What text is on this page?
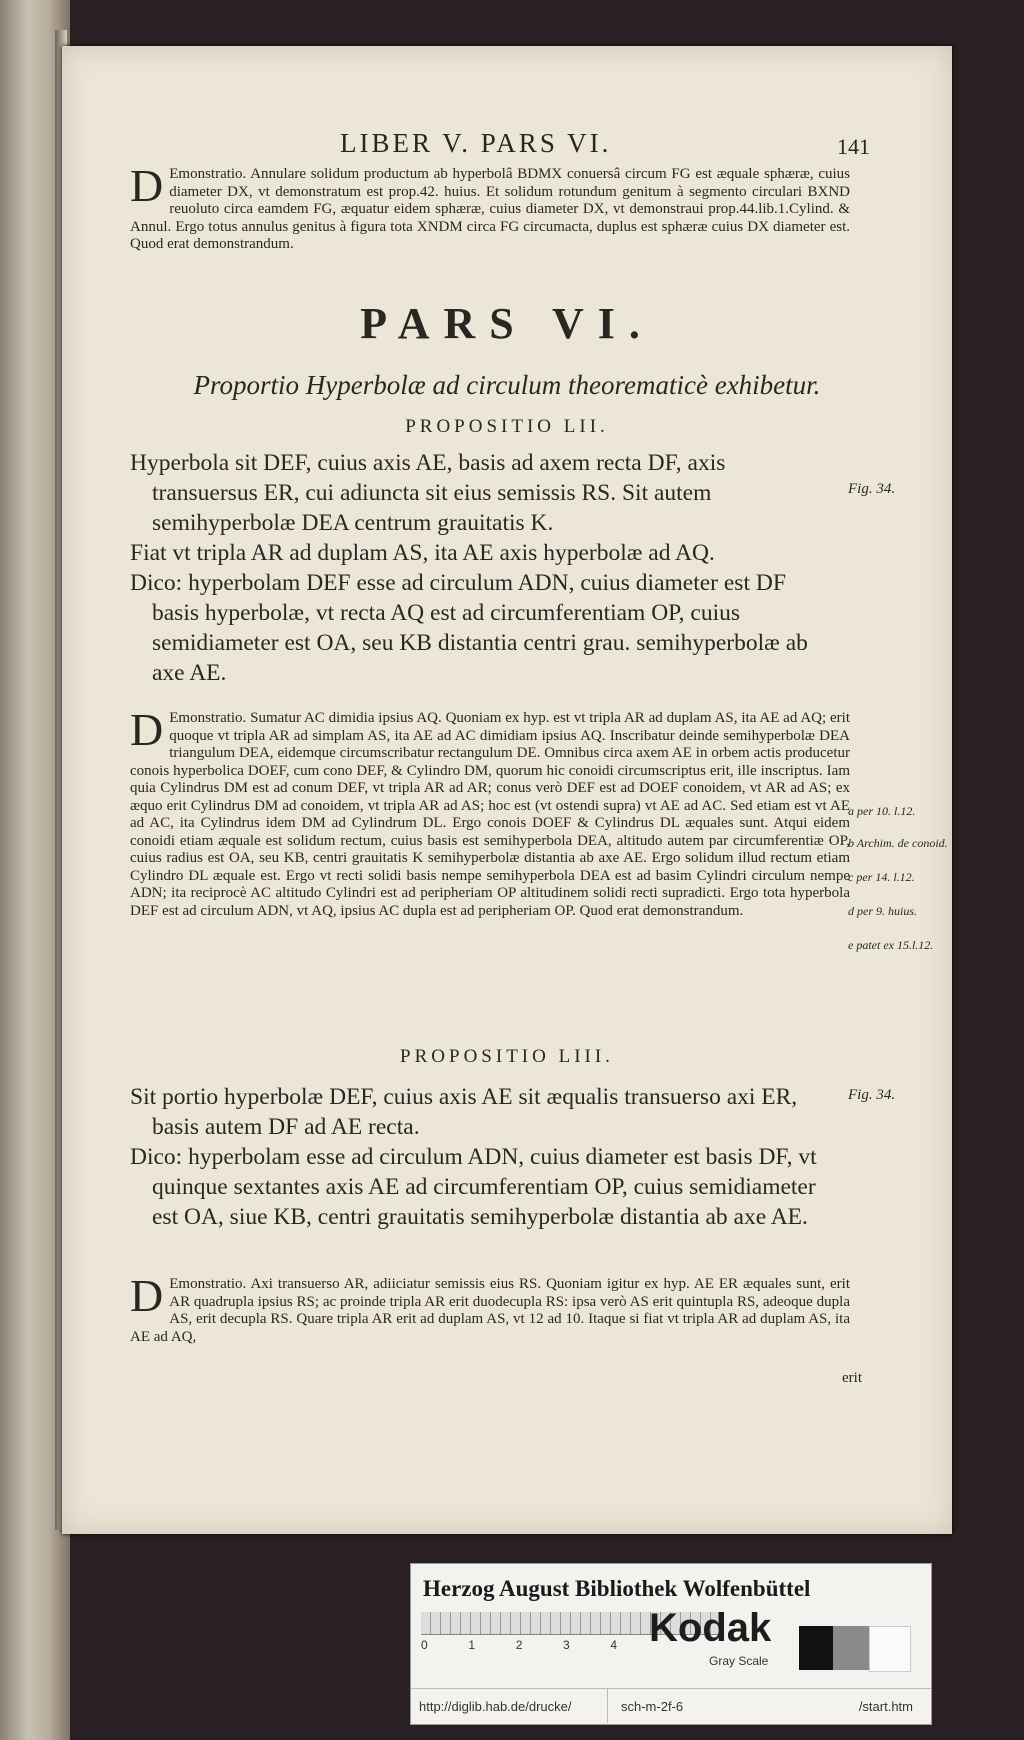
LIBER V. PARS VI.	141
D Emonstratio. Annulare solidum productum ab hyperbolâ BDMX conuersâ circum FG est æquale sphæræ, cuius diameter DX, vt demonstratum est prop.42. huius. Et solidum rotundum genitum à segmento circulari BXND reuoluto circa eamdem FG, æquatur eidem sphæræ, cuius diameter DX, vt demonstraui prop.44.lib.1.Cylind. & Annul. Ergo totus annulus genitus à figura tota XNDM circa FG circumacta, duplus est sphæræ cuius DX diameter est. Quod erat demonstrandum.
PARS VI.
Proportio Hyperbolæ ad circulum theorematicè exhibetur.
PROPOSITIO LII.

Hyperbola sit DEF, cuius axis AE, basis ad axem recta DF, axis transuersus ER, cui adiuncta sit eius semissis RS. Sit autem semihyperbolæ DEA centrum grauitatis K.

Fiat vt tripla AR ad duplam AS, ita AE axis hyperbolæ ad AQ.

Dico: hyperbolam DEF esse ad circulum ADN, cuius diameter est DF basis hyperbolæ, vt recta AQ est ad circumferentiam OP, cuius semidiameter est OA, seu KB distantia centri grau. semihyperbolæ ab axe AE.

Fig. 34.
D Emonstratio. Sumatur AC dimidia ipsius AQ. Quoniam ex hyp. est vt tripla AR ad duplam AS, ita AE ad AQ; erit quoque vt tripla AR ad simplam AS, ita AE ad AC dimidiam ipsius AQ. Inscribatur deinde semihyperbolæ DEA triangulum DEA, eidemque circumscribatur rectangulum DE. Omnibus circa axem AE in orbem actis producetur conois hyperbolica DOEF, cum cono DEF, & Cylindro DM, quorum hic conoidi circumscriptus erit, ille inscriptus. Iam quia Cylindrus DM est ad conum DEF, vt tripla AR ad AR; conus verò DEF est ad DOEF conoidem, vt AR ad AS; ex æquo erit Cylindrus DM ad conoidem, vt tripla AR ad AS; hoc est (vt ostendi supra) vt AE ad AC. Sed etiam est vt AE ad AC, ita Cylindrus idem DM ad Cylindrum DL. Ergo conois DOEF & Cylindrus DL æquales sunt. Atqui eidem conoidi etiam æquale est solidum rectum, cuius basis est semihyperbola DEA, altitudo autem par circumferentiæ OP, cuius radius est OA, seu KB, centri grauitatis K semihyperbolæ distantia ab axe AE. Ergo solidum illud rectum etiam Cylindro DL æquale est. Ergo vt recti solidi basis nempe semihyperbola DEA est ad basim Cylindri circulum nempe ADN; ita reciprocè AC altitudo Cylindri est ad peripheriam OP altitudinem solidi recti supradicti. Ergo tota hyperbola DEF est ad circulum ADN, vt AQ, ipsius AC dupla est ad peripheriam OP. Quod erat demonstrandum.
a per 10. l.12.
b Archim. de conoid.
c per 14. l.12.
d per 9. huius.
e patet ex 15.l.12.
PROPOSITIO LIII.

Sit portio hyperbolæ DEF, cuius axis AE sit æqualis transuerso axi ER, basis autem DF ad AE recta.

Dico: hyperbolam esse ad circulum ADN, cuius diameter est basis DF, vt quinque sextantes axis AE ad circumferentiam OP, cuius semidiameter est OA, siue KB, centri grauitatis semihyperbolæ distantia ab axe AE.

Fig. 34.
D Emonstratio. Axi transuerso AR, adiiciatur semissis eius RS. Quoniam igitur ex hyp. AE ER æquales sunt, erit AR quadrupla ipsius RS; ac proinde tripla AR erit duodecupla RS: ipsa verò AS erit quintupla RS, adeoque dupla AS, erit decupla RS. Quare tripla AR erit ad duplam AS, vt 12 ad 10. Itaque si fiat vt tripla AR ad duplam AS, ita AE ad AQ,
erit
Herzog August Bibliothek Wolfenbüttel
0	1	2	3	4 Kodak
Gray Scale
http://diglib.hab.de/drucke/	sch-m-2f-6	/start.htm
